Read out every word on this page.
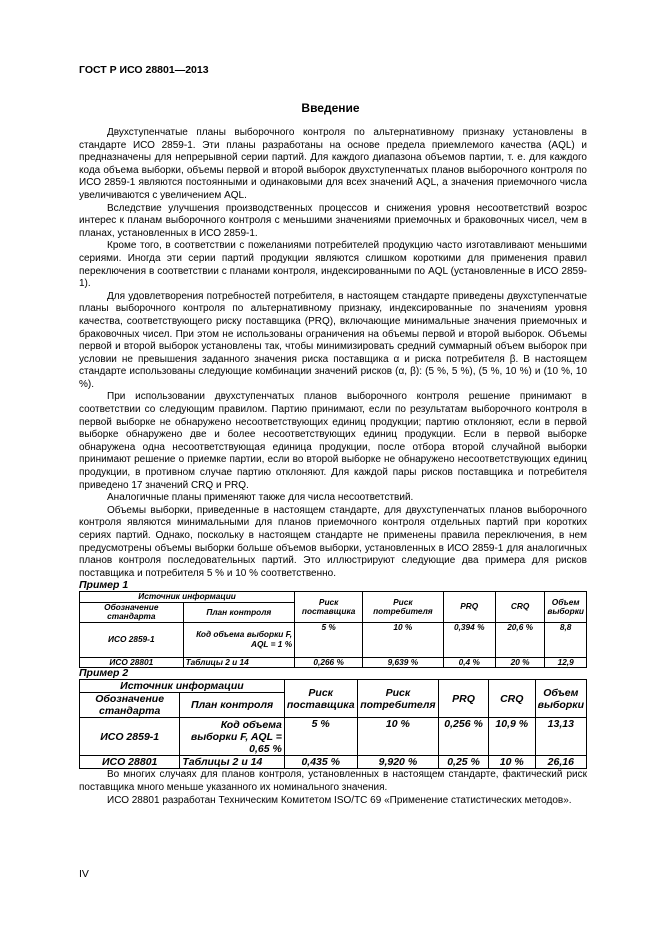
ГОСТ Р ИСО 28801—2013
Введение

Двухступенчатые планы выборочного контроля по альтернативному признаку установлены в стандарте ИСО 2859-1. Эти планы разработаны на основе предела приемлемого качества (AQL) и предназначены для непрерывной серии партий. Для каждого диапазона объемов партии, т. е. для каждого кода объема выборки, объемы первой и второй выборок двухступенчатых планов выборочного контроля по ИСО 2859-1 являются постоянными и одинаковыми для всех значений AQL, а значения приемочного числа увеличиваются с увеличением AQL.

Вследствие улучшения производственных процессов и снижения уровня несоответствий возрос интерес к планам выборочного контроля с меньшими значениями приемочных и браковочных чисел, чем в планах, установленных в ИСО 2859-1.

Кроме того, в соответствии с пожеланиями потребителей продукцию часто изготавливают меньшими сериями. Иногда эти серии партий продукции являются слишком короткими для применения правил переключения в соответствии с планами контроля, индексированными по AQL (установленные в ИСО 2859-1).

Для удовлетворения потребностей потребителя, в настоящем стандарте приведены двухступенчатые планы выборочного контроля по альтернативному признаку, индексированные по значениям уровня качества, соответствующего риску поставщика (PRQ), включающие минимальные значения приемочных и браковочных чисел. При этом не использованы ограничения на объемы первой и второй выборок. Объемы первой и второй выборок установлены так, чтобы минимизировать средний суммарный объем выборок при условии не превышения заданного значения риска поставщика α и риска потребителя β. В настоящем стандарте использованы следующие комбинации значений рисков (α, β): (5 %, 5 %), (5 %, 10 %) и (10 %, 10 %).

При использовании двухступенчатых планов выборочного контроля решение принимают в соответствии со следующим правилом. Партию принимают, если по результатам выборочного контроля в первой выборке не обнаружено несоответствующих единиц продукции; партию отклоняют, если в первой выборке обнаружено две и более несоответствующих единиц продукции. Если в первой выборке обнаружена одна несоответствующая единица продукции, после отбора второй случайной выборки принимают решение о приемке партии, если во второй выборке не обнаружено несоответствующих единиц продукции, в противном случае партию отклоняют. Для каждой пары рисков поставщика и потребителя приведено 17 значений CRQ и PRQ.

Аналогичные планы применяют также для числа несоответствий.

Объемы выборки, приведенные в настоящем стандарте, для двухступенчатых планов выборочного контроля являются минимальными для планов приемочного контроля отдельных партий при коротких сериях партий. Однако, поскольку в настоящем стандарте не применены правила переключения, в нем предусмотрены объемы выборки больше объемов выборки, установленных в ИСО 2859-1 для аналогичных планов контроля последовательных партий. Это иллюстрируют следующие два примера для рисков поставщика и потребителя 5 % и 10 % соответственно.

Пример 1
Источник информации		Риск поставщика	Риск потребителя	PRQ	CRQ	Объем выборки
Обозначение стандарта	План контроля					
ИСО 2859-1	Код объема выборки F, AQL = 1 %	5 %	10 %	0,394 %	20,6 %	8,8
ИСО 28801	Таблицы 2 и 14	0,266 %	9,639 %	0,4 %	20 %	12,9
Пример 2
Источник информации		Риск поставщика	Риск потребителя	PRQ	CRQ	Объем выборки
Обозначение стандарта	План контроля					
ИСО 2859-1	Код объема выборки F, AQL = 0,65 %	5 %	10 %	0,256 %	10,9 %	13,13
ИСО 28801	Таблицы 2 и 14	0,435 %	9,920 %	0,25 %	10 %	26,16

Во многих случаях для планов контроля, установленных в настоящем стандарте, фактический риск поставщика много меньше указанного их номинального значения.

ИСО 28801 разработан Техническим Комитетом ISO/TC 69 «Применение статистических методов».

IV
